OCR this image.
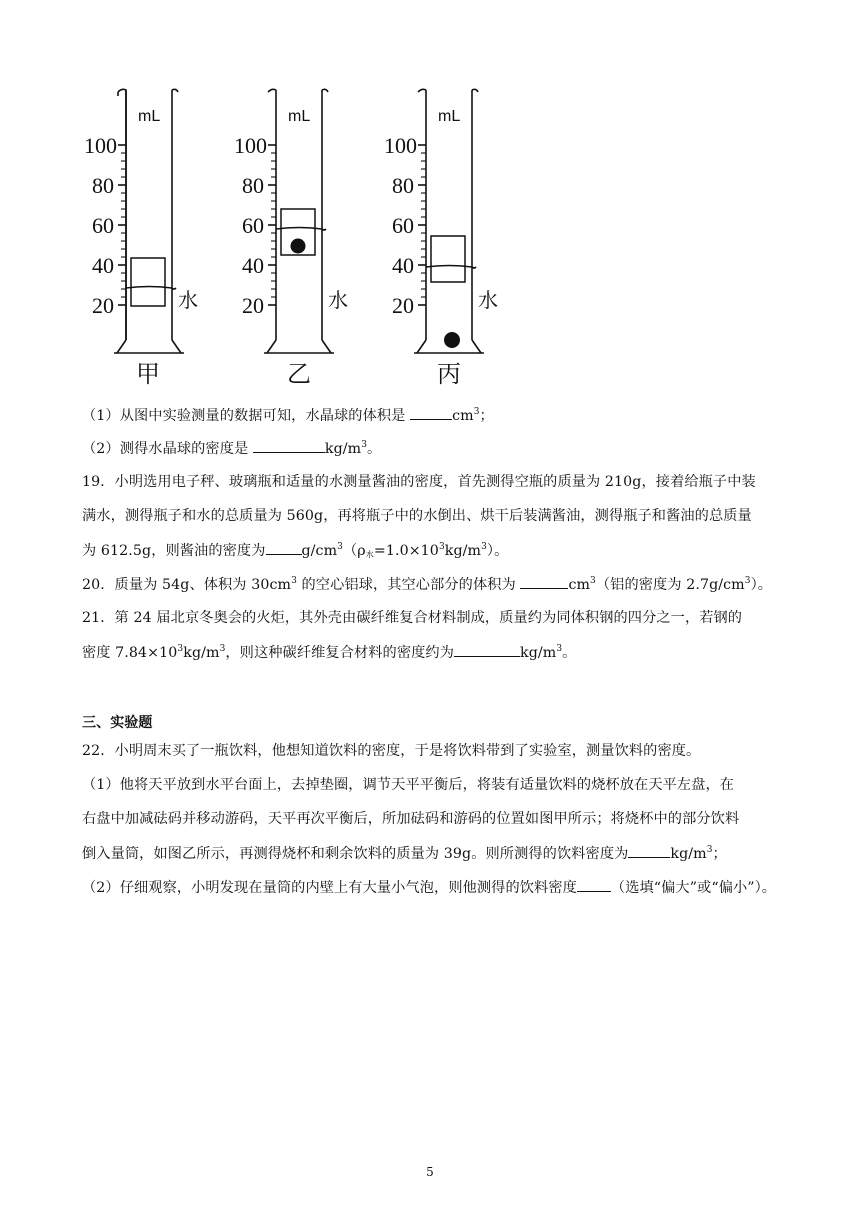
mL
100
80
60
40
20	水
甲
mL
100
80
60
40
20	水
乙
mL
100
80
60
40
20	水
丙
（1）从图中实验测量的数据可知，水晶球的体积是	$cm^3$；
（2）测得水晶球的密度是	$kg/m^3$。
19．小明选用电子秤、玻璃瓶和适量的水测量酱油的密度，首先测得空瓶的质量为 210g，接着给瓶子中装
满水，测得瓶子和水的总质量为 560g，再将瓶子中的水倒出、烘干后装满酱油，测得瓶子和酱油的总质量
为 612.5g，则酱油的密度为	$g/cm^3(\rho_水=1.0\times 10^3kg/m^3)$。
20．质量为 54g、体积为 $30cm^3$ 的空心铝球，其空心部分的体积为	$cm^3$（铝的密度为 $2.7g/cm^3$）。
21．第 24 届北京冬奥会的火炬，其外壳由碳纤维复合材料制成，质量约为同体积钢的四分之一，若钢的
密度 $7.84\times 10^3kg/m^3$，则这种碳纤维复合材料的密度约为	$kg/m^3$。
三、实验题
22．小明周末买了一瓶饮料，他想知道饮料的密度，于是将饮料带到了实验室，测量饮料的密度。
（1）他将天平放到水平台面上，去掉垫圈，调节天平平衡后，将装有适量饮料的烧杯放在天平左盘，在
右盘中加减砝码并移动游码，天平再次平衡后，所加砝码和游码的位置如图甲所示；将烧杯中的部分饮料
倒入量筒，如图乙所示，再测得烧杯和剩余饮料的质量为 39g。则所测得的饮料密度为	$kg/m^3$；
（2）仔细观察，小明发现在量筒的内壁上有大量小气泡，则他测得的饮料密度 （选填“偏大”或“偏小”）。
5
